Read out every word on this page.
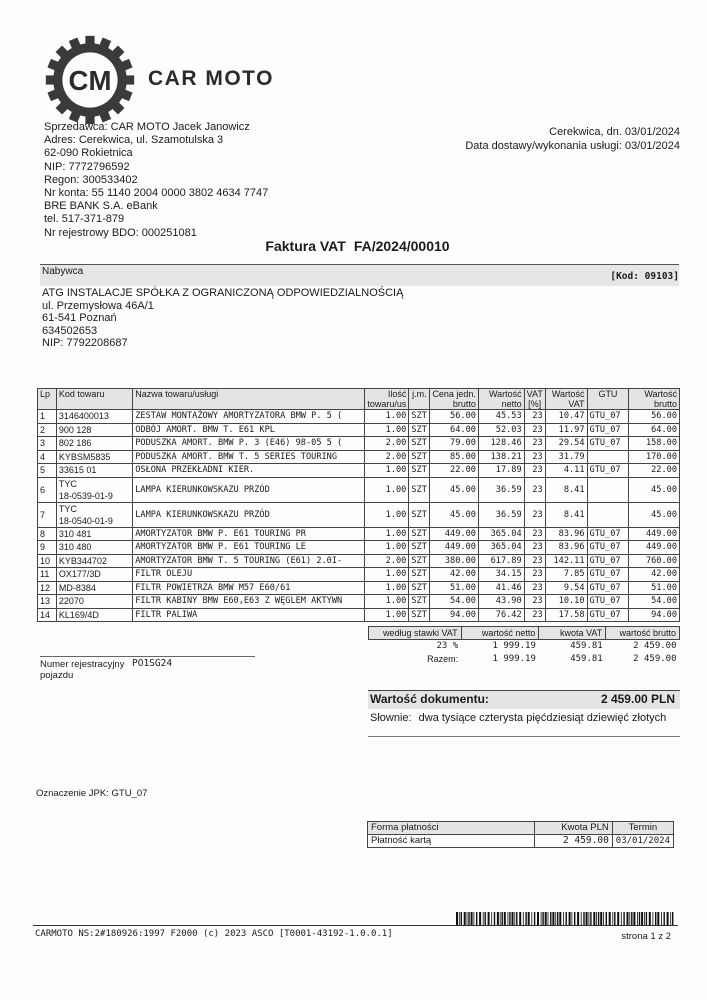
CM CAR MOTO
Sprzedawca: CAR MOTO Jacek Janowicz
Adres: Cerekwica, ul. Szamotulska 3
62-090 Rokietnica
NIP: 7772796592
Regon: 300533402
Nr konta: 55 1140 2004 0000 3802 4634 7747
BRE BANK S.A. eBank
tel. 517-371-879
Nr rejestrowy BDO: 000251081
Cerekwica, dn. 03/01/2024
Data dostawy/wykonania usługi: 03/01/2024
Faktura VAT FA/2024/00010
Nabywca	[Kod: 09103]
ATG INSTALACJE SPÓŁKA Z OGRANICZONĄ ODPOWIEDZIALNOŚCIĄ
ul. Przemysłowa 46A/1
61-541 Poznań
634502653
NIP: 7792208687
Lp	Kod towaru	Nazwa towaru/usługi	Ilość towaru/us	j.m.	Cena jedn. brutto	Wartość netto	VAT [%]	Wartość VAT	GTU	Wartość brutto
1	3146400013	ZESTAW MONTAŻOWY AMORTYZATORA BMW P. 5 (	1.00	SZT	56.00	45.53	23	10.47	GTU_07	56.00
2	900 128	ODBÓJ AMORT. BMW T. E61 KPL	1.00	SZT	64.00	52.03	23	11.97	GTU_07	64.00
3	802 186	PODUSZKA AMORT. BMW P. 3 (E46) 98-05 5 (	2.00	SZT	79.00	128.46	23	29.54	GTU_07	158.00
4	KYBSM5835	PODUSZKA AMORT. BMW T. 5 SERIES TOURING	2.00	SZT	85.00	138.21	23	31.79		170.00
5	33615 01	OSŁONA PRZEKŁADNI KIER.	1.00	SZT	22.00	17.89	23	4.11	GTU_07	22.00
6	TYC
18-0539-01-9	LAMPA KIERUNKOWSKAZU PRZÓD	1.00	SZT	45.00	36.59	23	8.41		45.00
7	TYC
18-0540-01-9	LAMPA KIERUNKOWSKAZU PRZÓD	1.00	SZT	45.00	36.59	23	8.41		45.00
8	310 481	AMORTYZATOR BMW P. E61 TOURING PR	1.00	SZT	449.00	365.04	23	83.96	GTU_07	449.00
9	310 480	AMORTYZATOR BMW P. E61 TOURING LE	1.00	SZT	449.00	365.04	23	83.96	GTU_07	449.00
10	KYB344702	AMORTYZATOR BMW T. 5 TOURING (E61) 2.0I-	2.00	SZT	380.00	617.89	23	142.11	GTU_07	760.00
11	OX177/3D	FILTR OLEJU	1.00	SZT	42.00	34.15	23	7.85	GTU_07	42.00
12	MD-8384	FILTR POWIETRZA BMW M57 E60/61	1.00	SZT	51.00	41.46	23	9.54	GTU_07	51.00
13	22070	FILTR KABINY BMW E60,E63 Z WĘGLEM AKTYWN	1.00	SZT	54.00	43.90	23	10.10	GTU_07	54.00
14	KL169/4D	FILTR PALIWA	1.00	SZT	94.00	76.42	23	17.58	GTU_07	94.00
według stawki VAT	wartość netto	kwota VAT	wartość brutto
23 %	1 999.19	459.81	2 459.00
Razem:	1 999.19	459.81	2 459.00
Numer rejestracyjny pojazdu
PO1SG24
Wartość dokumentu:	2 459.00 PLN
Słownie: dwa tysiące czterysta pięćdziesiąt dziewięć złotych
Oznaczenie JPK: GTU_07
Forma płatności	Kwota PLN	Termin
Płatność kartą	2 459.00	03/01/2024
CARMOTO NS:2#180926:1997 F2000 (c) 2023 ASCO [T0001-43192-1.0.0.1]	strona 1 z 2
